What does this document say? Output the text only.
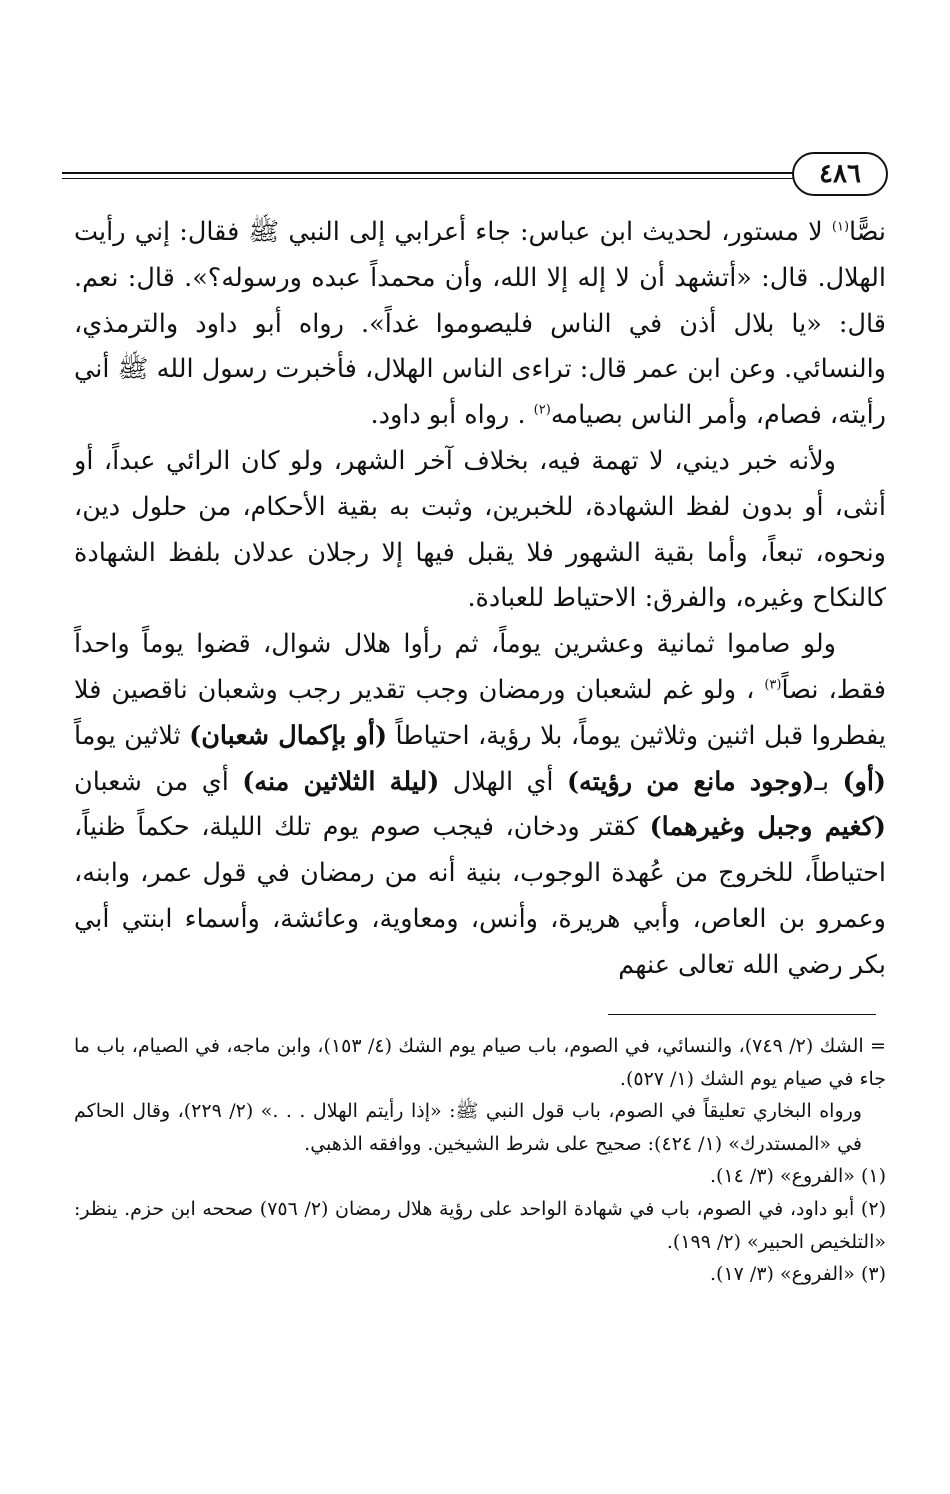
٤٨٦

نصًّا$^{(١)}$ لا مستور، لحديث ابن عباس: جاء أعرابي إلى النبي ﷺ فقال: إني رأيت الهلال. قال: «أتشهد أن لا إله إلا الله، وأن محمداً عبده ورسوله؟». قال: نعم. قال: «يا بلال أذن في الناس فليصوموا غداً». رواه أبو داود والترمذي، والنسائي. وعن ابن عمر قال: تراءى الناس الهلال، فأخبرت رسول الله ﷺ أني رأيته، فصام، وأمر الناس بصيامه$^{(٢)}$ . رواه أبو داود.

ولأنه خبر ديني، لا تهمة فيه، بخلاف آخر الشهر، ولو كان الرائي عبداً، أو أنثى، أو بدون لفظ الشهادة، للخبرين، وثبت به بقية الأحكام، من حلول دين، ونحوه، تبعاً، وأما بقية الشهور فلا يقبل فيها إلا رجلان عدلان بلفظ الشهادة كالنكاح وغيره، والفرق: الاحتياط للعبادة.

ولو صاموا ثمانية وعشرين يوماً، ثم رأوا هلال شوال، قضوا يوماً واحداً فقط، نصاً$^{(٣)}$ ، ولو غم لشعبان ورمضان وجب تقدير رجب وشعبان ناقصين فلا يفطروا قبل اثنين وثلاثين يوماً، بلا رؤية، احتياطاً (أو بإكمال شعبان) ثلاثين يوماً (أو) بـ(وجود مانع من رؤيته) أي الهلال (ليلة الثلاثين منه) أي من شعبان (كغيم وجبل وغيرهما) كقتر ودخان، فيجب صوم يوم تلك الليلة، حكماً ظنياً، احتياطاً، للخروج من عُهدة الوجوب، بنية أنه من رمضان في قول عمر، وابنه، وعمرو بن العاص، وأبي هريرة، وأنس، ومعاوية، وعائشة، وأسماء ابنتي أبي بكر رضي الله تعالى عنهم

= الشك (٢/ ٧٤٩)، والنسائي، في الصوم، باب صيام يوم الشك (٤/ ١٥٣)، وابن ماجه، في الصيام، باب ما جاء في صيام يوم الشك (١/ ٥٢٧).

ورواه البخاري تعليقاً في الصوم، باب قول النبي ﷺ: «إذا رأيتم الهلال . . .» (٢/ ٢٢٩)، وقال الحاكم في «المستدرك» (١/ ٤٢٤): صحيح على شرط الشيخين. ووافقه الذهبي.

(١) «الفروع» (٣/ ١٤).

(٢) أبو داود، في الصوم، باب في شهادة الواحد على رؤية هلال رمضان (٢/ ٧٥٦) صححه ابن حزم. ينظر: «التلخيص الحبير» (٢/ ١٩٩).

(٣) «الفروع» (٣/ ١٧).
